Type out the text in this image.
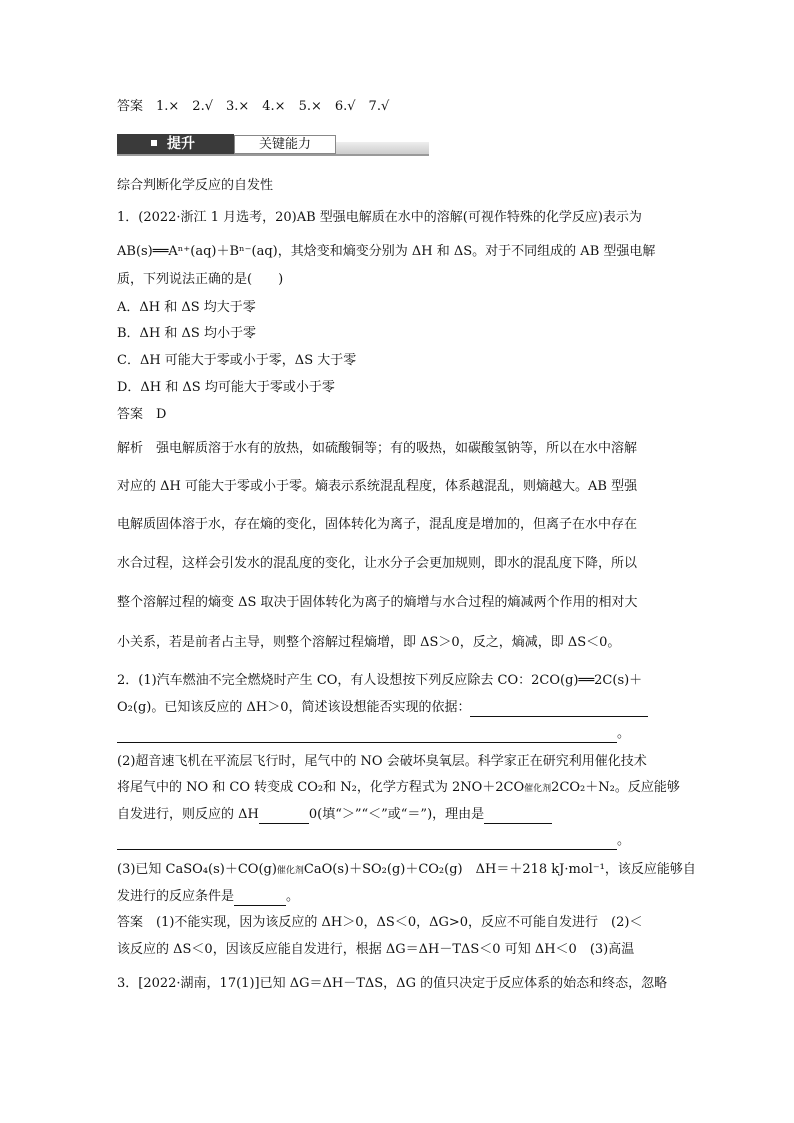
答案　1.×　2.√　3.×　4.×　5.×　6.√　7.√
提升	关键能力
综合判断化学反应的自发性
1．(2022·浙江 1 月选考，20)AB 型强电解质在水中的溶解(可视作特殊的化学反应)表示为
AB(s)══Aⁿ⁺(aq)＋Bⁿ⁻(aq)，其焓变和熵变分别为 ΔH 和 ΔS。对于不同组成的 AB 型强电解
质，下列说法正确的是(　　)
A．ΔH 和 ΔS 均大于零
B．ΔH 和 ΔS 均小于零
C．ΔH 可能大于零或小于零，ΔS 大于零
D．ΔH 和 ΔS 均可能大于零或小于零
答案　D
解析　强电解质溶于水有的放热，如硫酸铜等；有的吸热，如碳酸氢钠等，所以在水中溶解
对应的 ΔH 可能大于零或小于零。熵表示系统混乱程度，体系越混乱，则熵越大。AB 型强
电解质固体溶于水，存在熵的变化，固体转化为离子，混乱度是增加的，但离子在水中存在
水合过程，这样会引发水的混乱度的变化，让水分子会更加规则，即水的混乱度下降，所以
整个溶解过程的熵变 ΔS 取决于固体转化为离子的熵增与水合过程的熵减两个作用的相对大
小关系，若是前者占主导，则整个溶解过程熵增，即 ΔS＞0，反之，熵减，即 ΔS＜0。
2．(1)汽车燃油不完全燃烧时产生 CO，有人设想按下列反应除去 CO：2CO(g)══2C(s)＋
O₂(g)。已知该反应的 ΔH＞0，简述该设想能否实现的依据：
。
(2)超音速飞机在平流层飞行时，尾气中的 NO 会破坏臭氧层。科学家正在研究利用催化技术
将尾气中的 NO 和 CO 转变成 CO₂和 N₂，化学方程式为 2NO＋2CO催化剂2CO₂＋N₂。反应能够
自发进行，则反应的 ΔH	0(填“＞”“＜”或“＝”)，理由是
。
(3)已知 CaSO₄(s)＋CO(g)催化剂CaO(s)＋SO₂(g)＋CO₂(g)　ΔH＝＋218 kJ·mol⁻¹，该反应能够自
发进行的反应条件是	。
答案　(1)不能实现，因为该反应的 ΔH＞0，ΔS＜0，ΔG>0，反应不可能自发进行　(2)＜
该反应的 ΔS＜0，因该反应能自发进行，根据 ΔG＝ΔH－TΔS＜0 可知 ΔH＜0　(3)高温
3．[2022·湖南，17(1)]已知 ΔG＝ΔH－TΔS，ΔG 的值只决定于反应体系的始态和终态，忽略
